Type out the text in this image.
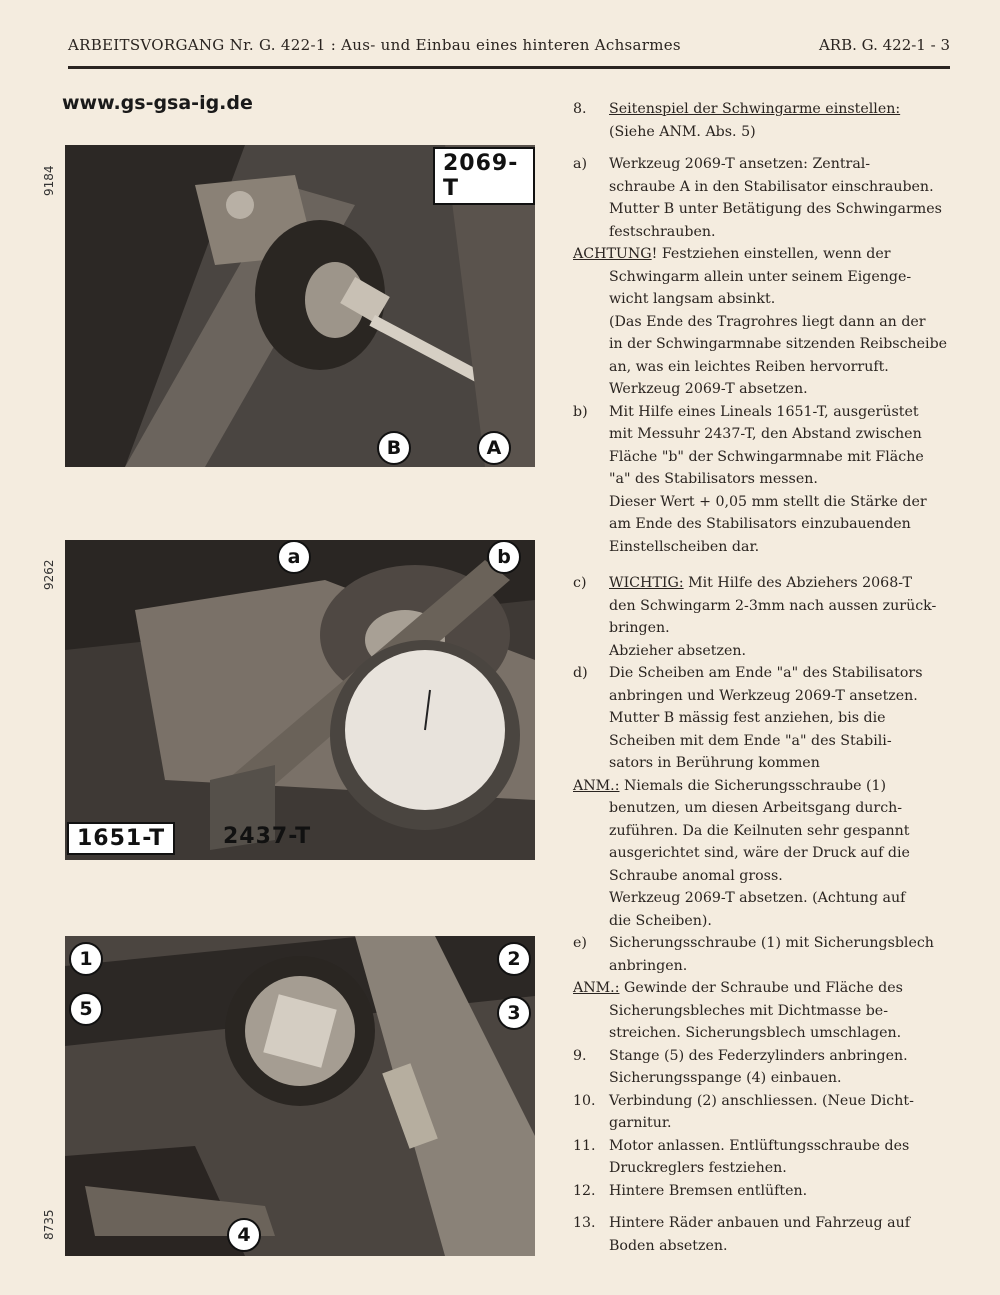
ARBEITSVORGANG Nr. G. 422-1 : Aus- und Einbau eines hinteren Achsarmes	ARB. G. 422-1 - 3
www.gs-gsa-ig.de
9184
2069-T
B	A
9262
a	b
1651-T	2437-T
8735
1	2
3
4
5
8. Seitenspiel der Schwingarme einstellen:
(Siehe ANM. Abs. 5)
a) Werkzeug 2069-T ansetzen: Zentral-
schraube A in den Stabilisator einschrauben.
Mutter B unter Betätigung des Schwingarmes
festschrauben.
ACHTUNG! Festziehen einstellen, wenn der
Schwingarm allein unter seinem Eigenge-
wicht langsam absinkt.
(Das Ende des Tragrohres liegt dann an der
in der Schwingarmnabe sitzenden Reibscheibe
an, was ein leichtes Reiben hervorruft.
Werkzeug 2069-T absetzen.
b) Mit Hilfe eines Lineals 1651-T, ausgerüstet
mit Messuhr 2437-T, den Abstand zwischen
Fläche "b" der Schwingarmnabe mit Fläche
"a" des Stabilisators messen.
Dieser Wert + 0,05 mm stellt die Stärke der
am Ende des Stabilisators einzubauenden
Einstellscheiben dar.
c) WICHTIG: Mit Hilfe des Abziehers 2068-T
den Schwingarm 2-3mm nach aussen zurück-
bringen.
Abzieher absetzen.
d) Die Scheiben am Ende "a" des Stabilisators
anbringen und Werkzeug 2069-T ansetzen.
Mutter B mässig fest anziehen, bis die
Scheiben mit dem Ende "a" des Stabili-
sators in Berührung kommen
ANM.: Niemals die Sicherungsschraube (1)
benutzen, um diesen Arbeitsgang durch-
zuführen. Da die Keilnuten sehr gespannt
ausgerichtet sind, wäre der Druck auf die
Schraube anomal gross.
Werkzeug 2069-T absetzen. (Achtung auf
die Scheiben).
e) Sicherungsschraube (1) mit Sicherungsblech
anbringen.
ANM.: Gewinde der Schraube und Fläche des
Sicherungsbleches mit Dichtmasse be-
streichen. Sicherungsblech umschlagen.
9. Stange (5) des Federzylinders anbringen.
Sicherungsspange (4) einbauen.
10. Verbindung (2) anschliessen. (Neue Dicht-
garnitur.
11. Motor anlassen. Entlüftungsschraube des
Druckreglers festziehen.
12. Hintere Bremsen entlüften.
13. Hintere Räder anbauen und Fahrzeug auf
Boden absetzen.
